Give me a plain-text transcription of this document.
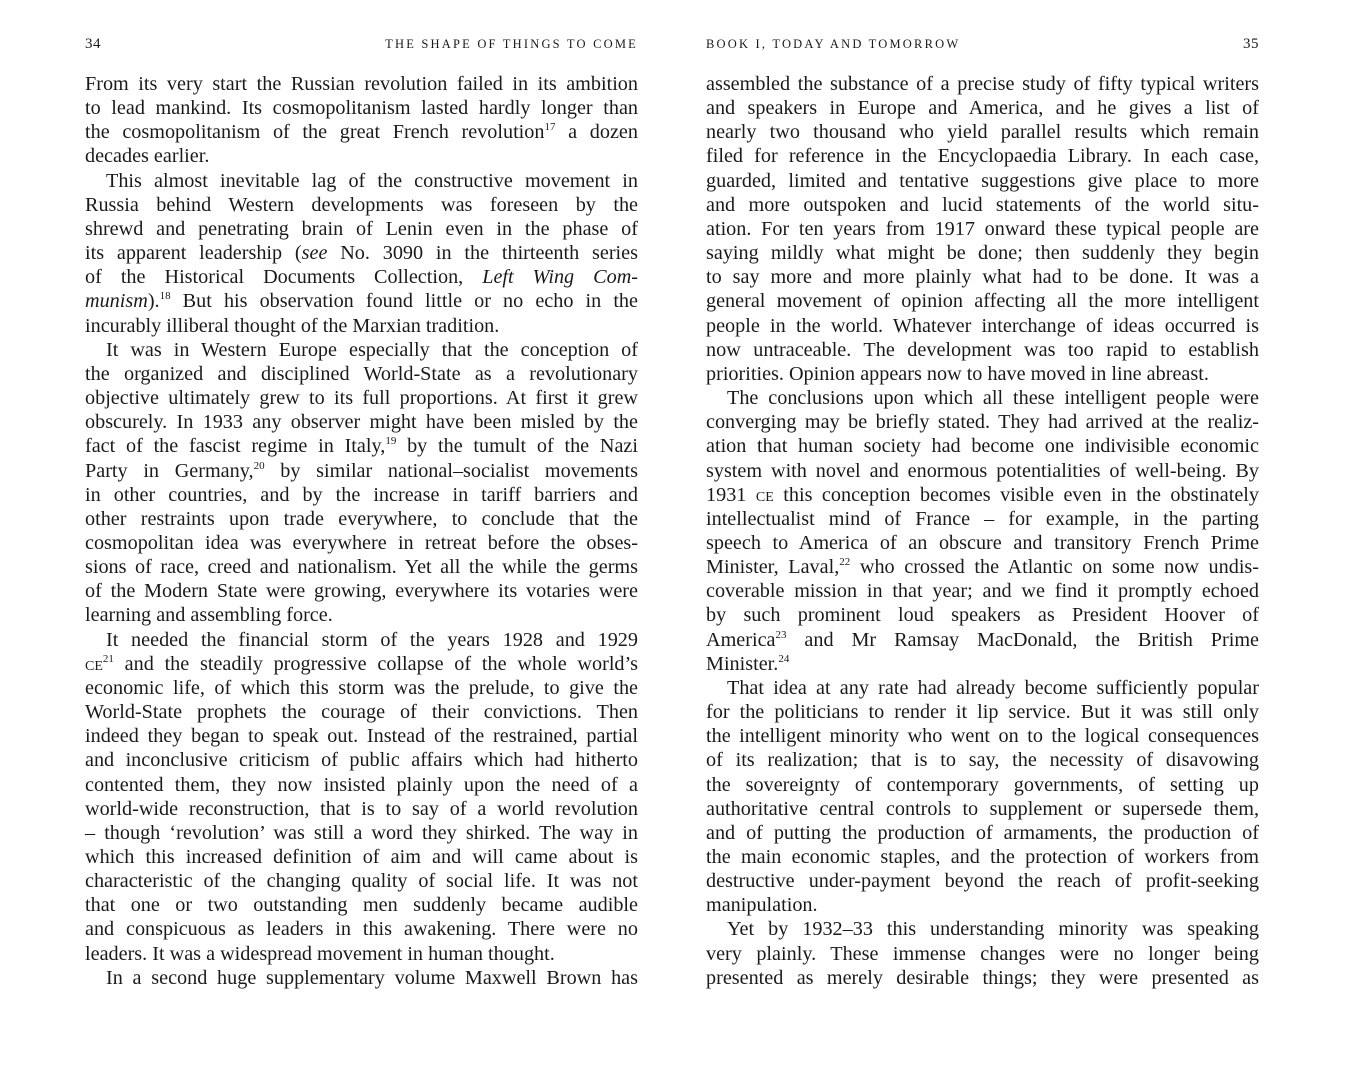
34	THE SHAPE OF THINGS TO COME
From its very start the Russian revolution failed in its ambition
to lead mankind. Its cosmopolitanism lasted hardly longer than
the cosmopolitanism of the great French revolution$^{17}$ a dozen
decades earlier.
This almost inevitable lag of the constructive movement in
Russia behind Western developments was foreseen by the
shrewd and penetrating brain of Lenin even in the phase of
its apparent leadership (see No. 3090 in the thirteenth series
of the Historical Documents Collection, Left Wing Com-
munism).$^{18}$ But his observation found little or no echo in the
incurably illiberal thought of the Marxian tradition.
It was in Western Europe especially that the conception of
the organized and disciplined World-State as a revolutionary
objective ultimately grew to its full proportions. At first it grew
obscurely. In 1933 any observer might have been misled by the
fact of the fascist regime in Italy,$^{19}$ by the tumult of the Nazi
Party in Germany,$^{20}$ by similar national–socialist movements
in other countries, and by the increase in tariff barriers and
other restraints upon trade everywhere, to conclude that the
cosmopolitan idea was everywhere in retreat before the obses-
sions of race, creed and nationalism. Yet all the while the germs
of the Modern State were growing, everywhere its votaries were
learning and assembling force.
It needed the financial storm of the years 1928 and 1929
$ce^{21}$ and the steadily progressive collapse of the whole world’s
economic life, of which this storm was the prelude, to give the
World-State prophets the courage of their convictions. Then
indeed they began to speak out. Instead of the restrained, partial
and inconclusive criticism of public affairs which had hitherto
contented them, they now insisted plainly upon the need of a
world-wide reconstruction, that is to say of a world revolution
– though ‘revolution’ was still a word they shirked. The way in
which this increased definition of aim and will came about is
characteristic of the changing quality of social life. It was not
that one or two outstanding men suddenly became audible
and conspicuous as leaders in this awakening. There were no
leaders. It was a widespread movement in human thought.
In a second huge supplementary volume Maxwell Brown has
BOOK I, TODAY AND TOMORROW	35
assembled the substance of a precise study of fifty typical writers
and speakers in Europe and America, and he gives a list of
nearly two thousand who yield parallel results which remain
filed for reference in the Encyclopaedia Library. In each case,
guarded, limited and tentative suggestions give place to more
and more outspoken and lucid statements of the world situ-
ation. For ten years from 1917 onward these typical people are
saying mildly what might be done; then suddenly they begin
to say more and more plainly what had to be done. It was a
general movement of opinion affecting all the more intelligent
people in the world. Whatever interchange of ideas occurred is
now untraceable. The development was too rapid to establish
priorities. Opinion appears now to have moved in line abreast.
The conclusions upon which all these intelligent people were
converging may be briefly stated. They had arrived at the realiz-
ation that human society had become one indivisible economic
system with novel and enormous potentialities of well-being. By
1931 ce this conception becomes visible even in the obstinately
intellectualist mind of France – for example, in the parting
speech to America of an obscure and transitory French Prime
Minister, Laval,$^{22}$ who crossed the Atlantic on some now undis-
coverable mission in that year; and we find it promptly echoed
by such prominent loud speakers as President Hoover of
America$^{23}$ and Mr Ramsay MacDonald, the British Prime
Minister.$^{24}$
That idea at any rate had already become sufficiently popular
for the politicians to render it lip service. But it was still only
the intelligent minority who went on to the logical consequences
of its realization; that is to say, the necessity of disavowing
the sovereignty of contemporary governments, of setting up
authoritative central controls to supplement or supersede them,
and of putting the production of armaments, the production of
the main economic staples, and the protection of workers from
destructive under-payment beyond the reach of profit-seeking
manipulation.
Yet by 1932–33 this understanding minority was speaking
very plainly. These immense changes were no longer being
presented as merely desirable things; they were presented as
